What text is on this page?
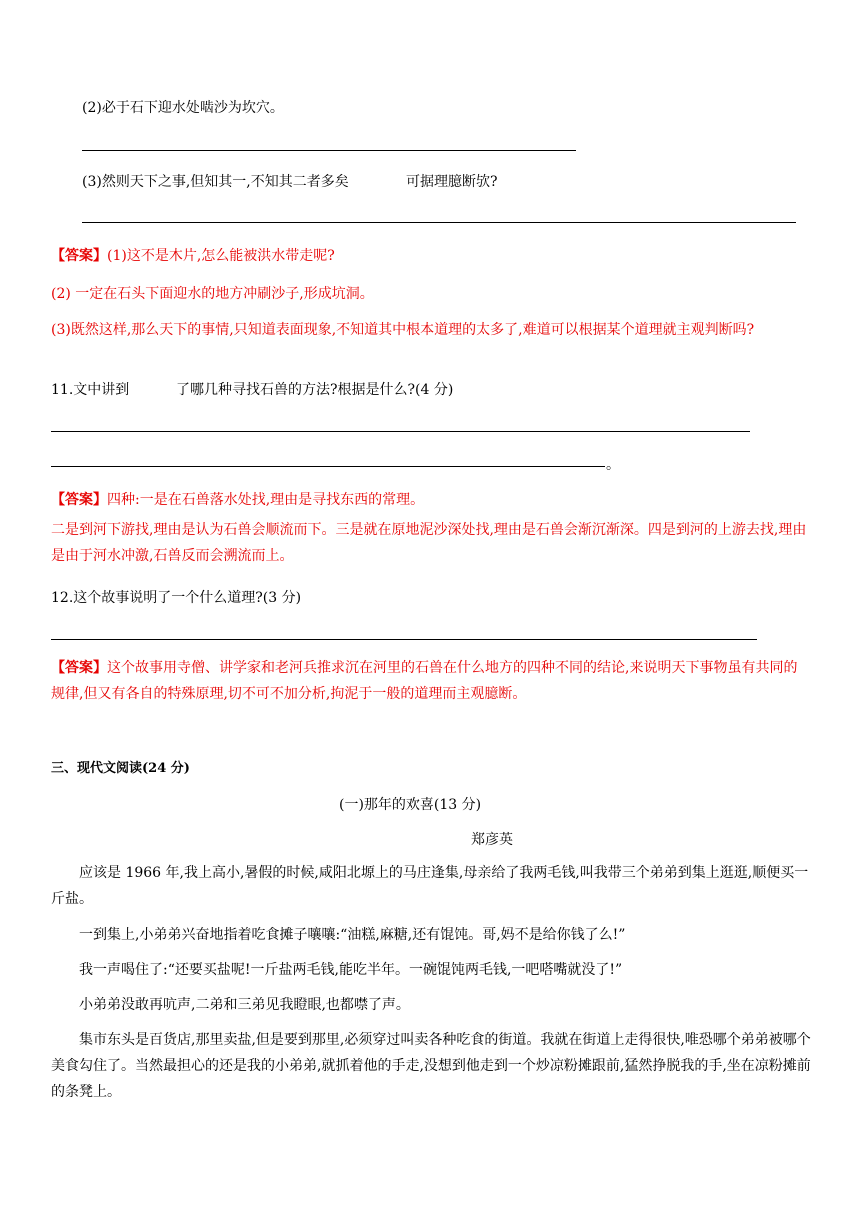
(2)必于石下迎水处啮沙为坎穴。
(3)然则天下之事,但知其一,不知其二者多矣	可据理臆断欤?
【答案】(1)这不是木片,怎么能被洪水带走呢?
(2) 一定在石头下面迎水的地方冲刷沙子,形成坑洞。
(3)既然这样,那么天下的事情,只知道表面现象,不知道其中根本道理的太多了,难道可以根据某个道理就主观判断吗?
11.文中讲到	了哪几种寻找石兽的方法?根据是什么?(4 分)
。
【答案】四种:一是在石兽落水处找,理由是寻找东西的常理。
二是到河下游找,理由是认为石兽会顺流而下。三是就在原地泥沙深处找,理由是石兽会渐沉渐深。四是到河的上游去找,理由是由于河水冲激,石兽反而会溯流而上。
12.这个故事说明了一个什么道理?(3 分)
【答案】这个故事用寺僧、讲学家和老河兵推求沉在河里的石兽在什么地方的四种不同的结论,来说明天下事物虽有共同的规律,但又有各自的特殊原理,切不可不加分析,拘泥于一般的道理而主观臆断。
三、现代文阅读(24 分)
(一)那年的欢喜(13 分)
郑彦英
应该是 1966 年,我上高小,暑假的时候,咸阳北塬上的马庄逢集,母亲给了我两毛钱,叫我带三个弟弟到集上逛逛,顺便买一斤盐。
一到集上,小弟弟兴奋地指着吃食摊子嚷嚷:“油糕,麻糖,还有馄饨。哥,妈不是给你钱了么!”
我一声喝住了:“还要买盐呢!一斤盐两毛钱,能吃半年。一碗馄饨两毛钱,一吧嗒嘴就没了!”
小弟弟没敢再吭声,二弟和三弟见我瞪眼,也都噤了声。
集市东头是百货店,那里卖盐,但是要到那里,必须穿过叫卖各种吃食的街道。我就在街道上走得很快,唯恐哪个弟弟被哪个美食勾住了。当然最担心的还是我的小弟弟,就抓着他的手走,没想到他走到一个炒凉粉摊跟前,猛然挣脱我的手,坐在凉粉摊前的条凳上。
